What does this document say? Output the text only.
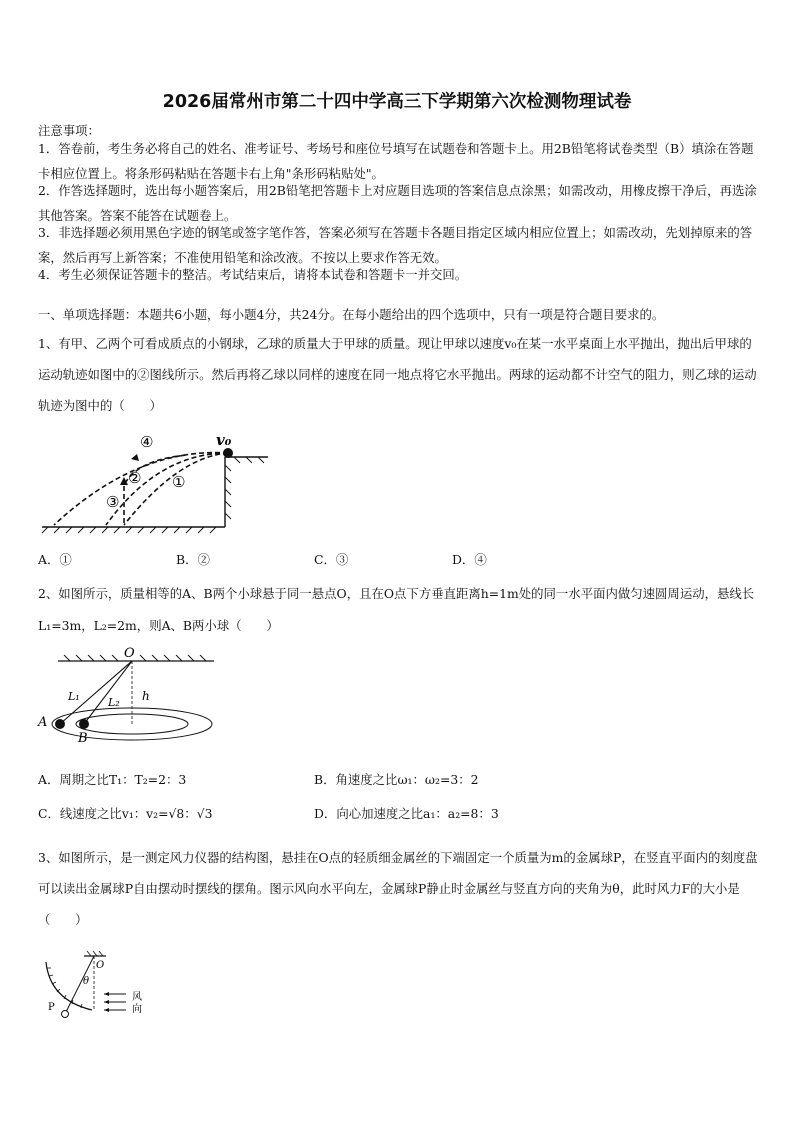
2026届常州市第二十四中学高三下学期第六次检测物理试卷
注意事项：
1．答卷前，考生务必将自己的姓名、准考证号、考场号和座位号填写在试题卷和答题卡上。用2B铅笔将试卷类型（B）填涂在答题卡相应位置上。将条形码粘贴在答题卡右上角"条形码粘贴处"。
2．作答选择题时，选出每小题答案后，用2B铅笔把答题卡上对应题目选项的答案信息点涂黑；如需改动，用橡皮擦干净后，再选涂其他答案。答案不能答在试题卷上。
3．非选择题必须用黑色字迹的钢笔或签字笔作答，答案必须写在答题卡各题目指定区域内相应位置上；如需改动，先划掉原来的答案，然后再写上新答案；不准使用铅笔和涂改液。不按以上要求作答无效。
4．考生必须保证答题卡的整洁。考试结束后，请将本试卷和答题卡一并交回。
一、单项选择题：本题共6小题，每小题4分，共24分。在每小题给出的四个选项中，只有一项是符合题目要求的。
1、有甲、乙两个可看成质点的小钢球，乙球的质量大于甲球的质量。现让甲球以速度v₀在某一水平桌面上水平抛出，抛出后甲球的运动轨迹如图中的②图线所示。然后再将乙球以同样的速度在同一地点将它水平抛出。两球的运动都不计空气的阻力，则乙球的运动轨迹为图中的（　　）
v₀
④
② ①
③
A．①	B．②	C．③	D．④
2、如图所示，质量相等的A、B两个小球悬于同一悬点O，且在O点下方垂直距离h=1m处的同一水平面内做匀速圆周运动，悬线长L₁=3m，L₂=2m，则A、B两小球（　　）
O
L₁	L₂ h
A
B
A．周期之比T₁：T₂=2：3	B．角速度之比ω₁：ω₂=3：2
C．线速度之比v₁：v₂=√8：√3	D．向心加速度之比a₁：a₂=8：3
3、如图所示，是一测定风力仪器的结构图，悬挂在O点的轻质细金属丝的下端固定一个质量为m的金属球P，在竖直平面内的刻度盘可以读出金属球P自由摆动时摆线的摆角。图示风向水平向左，金属球P静止时金属丝与竖直方向的夹角为θ，此时风力F的大小是（　　）
O
θ
P
风
向
